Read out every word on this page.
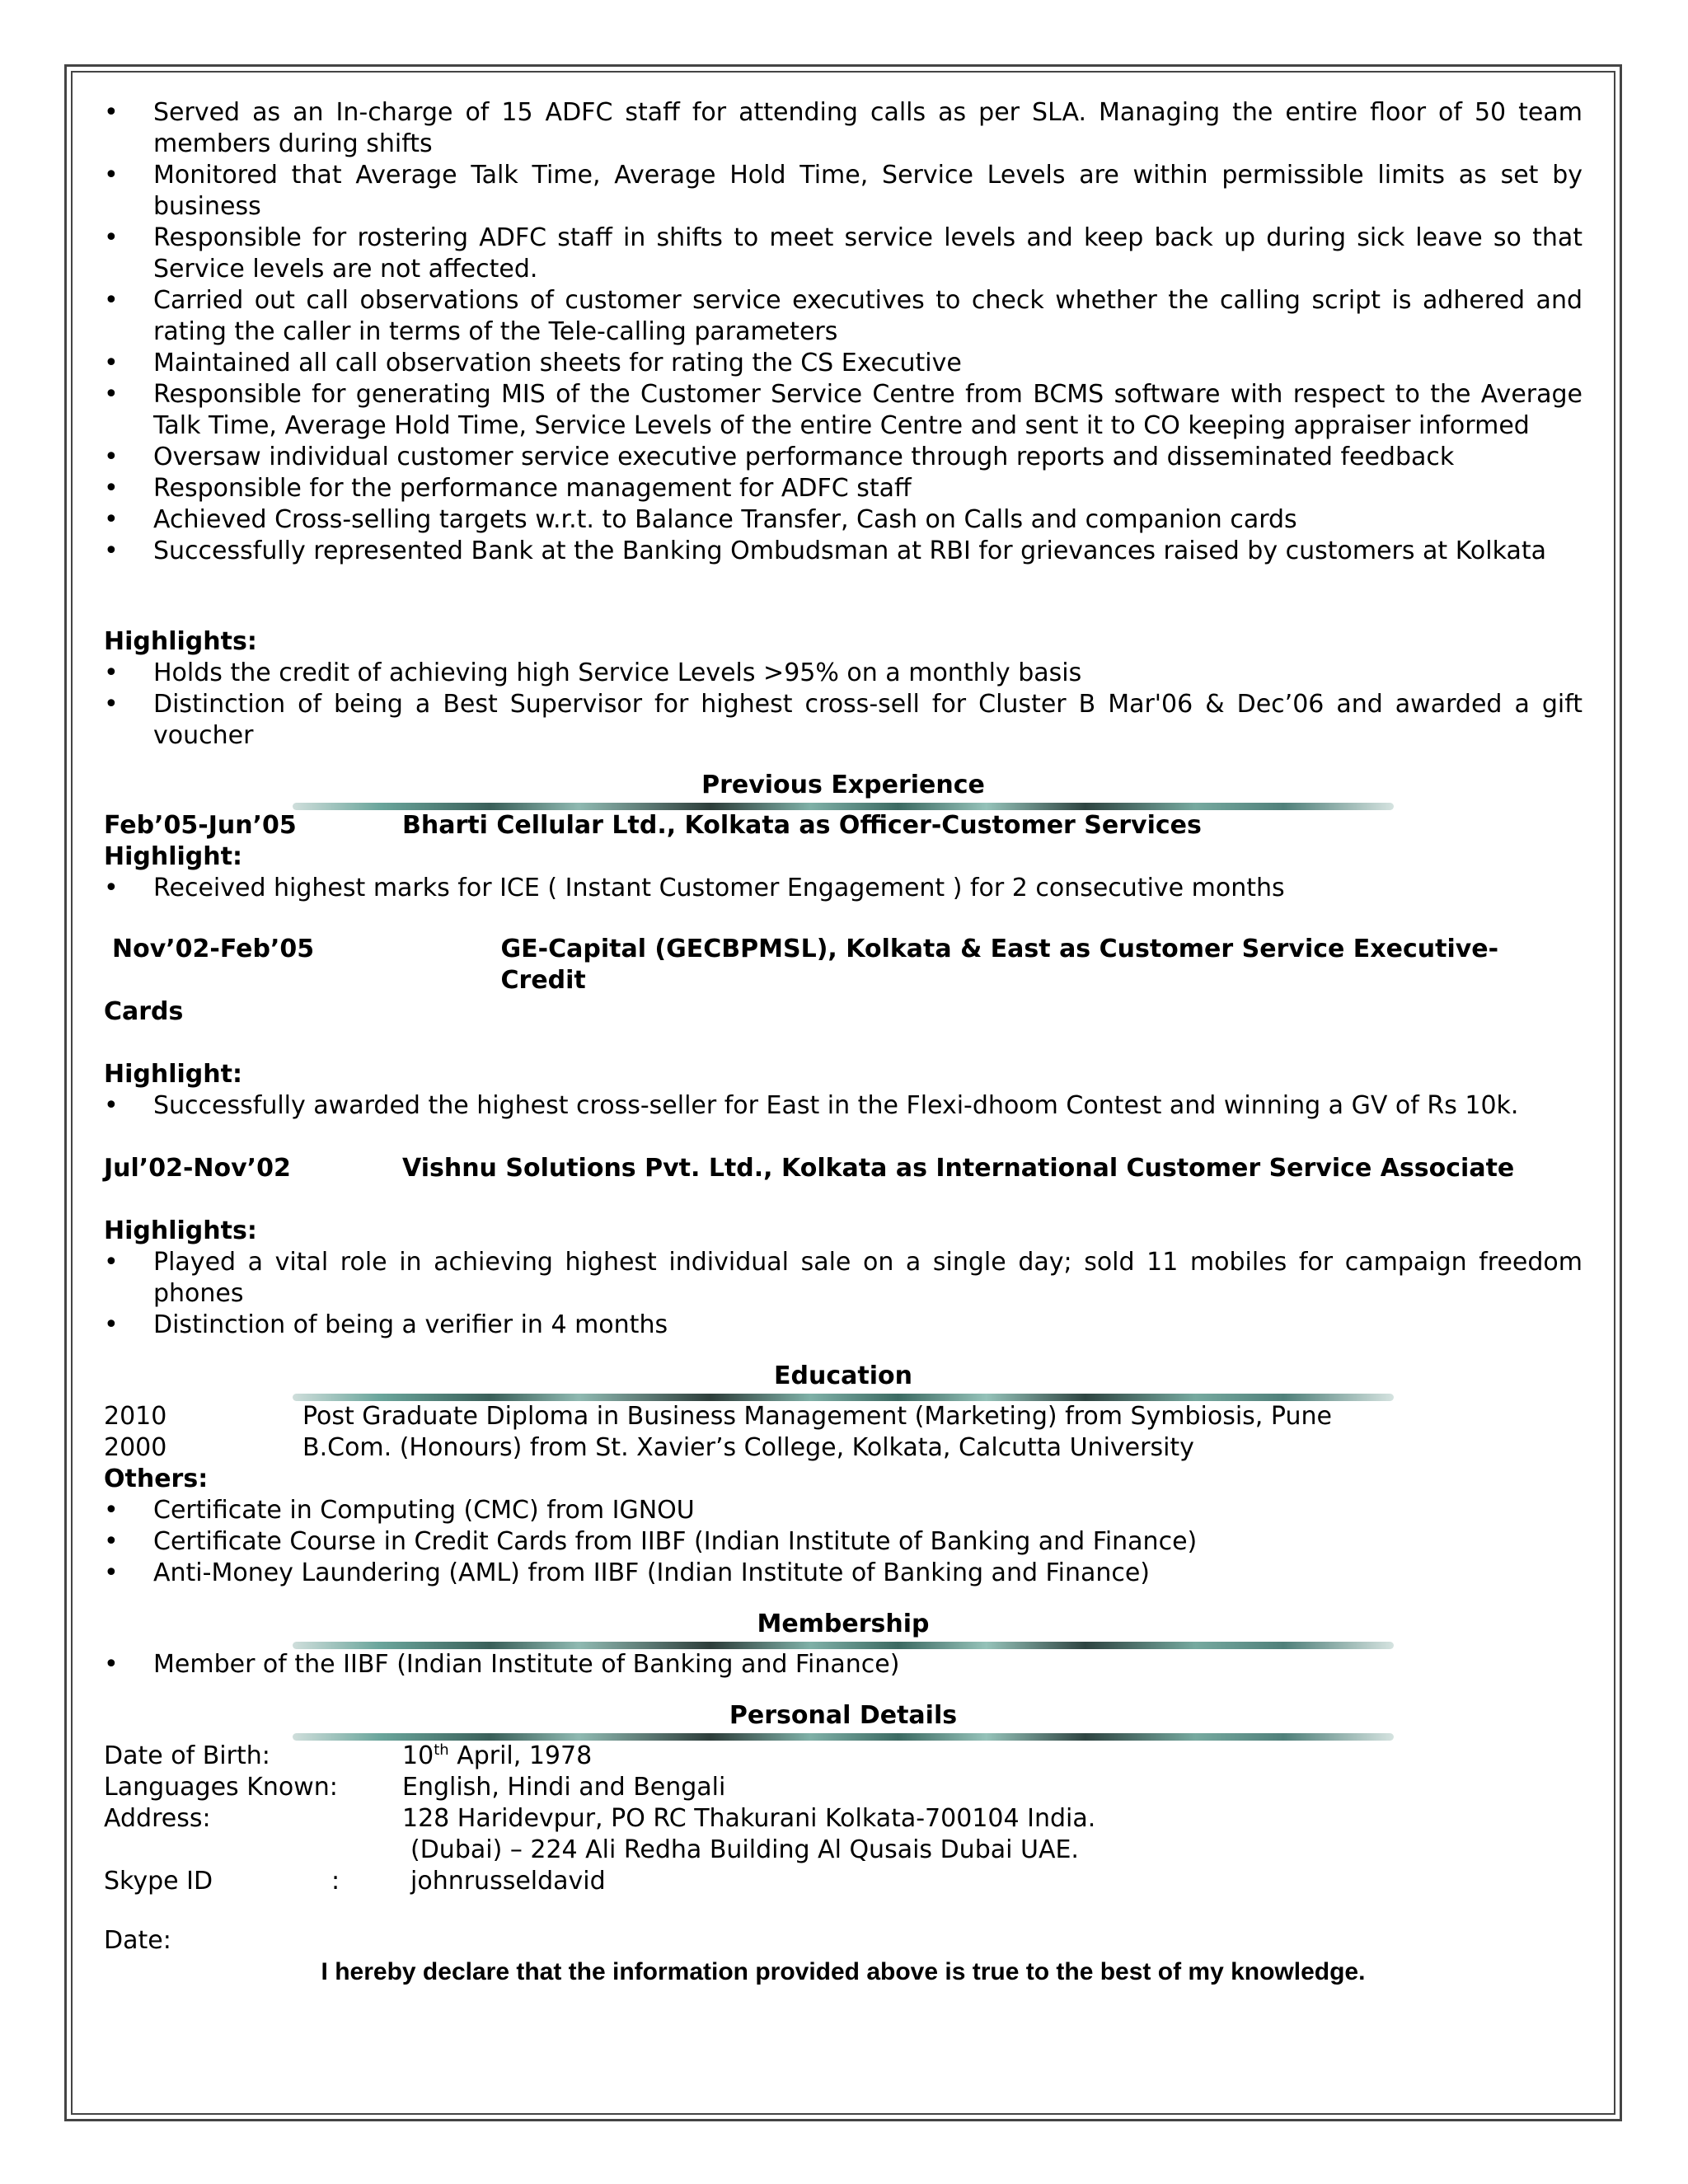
• Served as an In-charge of 15 ADFC staff for attending calls as per SLA. Managing the entire floor of 50 team members during shifts
• Monitored that Average Talk Time, Average Hold Time, Service Levels are within permissible limits as set by business
• Responsible for rostering ADFC staff in shifts to meet service levels and keep back up during sick leave so that Service levels are not affected.
• Carried out call observations of customer service executives to check whether the calling script is adhered and rating the caller in terms of the Tele-calling parameters
• Maintained all call observation sheets for rating the CS Executive
• Responsible for generating MIS of the Customer Service Centre from BCMS software with respect to the Average Talk Time, Average Hold Time, Service Levels of the entire Centre and sent it to CO keeping appraiser informed
• Oversaw individual customer service executive performance through reports and disseminated feedback
• Responsible for the performance management for ADFC staff
• Achieved Cross-selling targets w.r.t. to Balance Transfer, Cash on Calls and companion cards
• Successfully represented Bank at the Banking Ombudsman at RBI for grievances raised by customers at Kolkata
Highlights:
• Holds the credit of achieving high Service Levels >95% on a monthly basis
• Distinction of being a Best Supervisor for highest cross-sell for Cluster B Mar'06 & Dec’06 and awarded a gift voucher
Previous Experience
Feb’05-Jun’05	Bharti Cellular Ltd., Kolkata as Officer-Customer Services
Highlight:
• Received highest marks for ICE ( Instant Customer Engagement ) for 2 consecutive months
Nov’02-Feb’05	GE-Capital (GECBPMSL), Kolkata & East as Customer Service Executive-Credit
Cards
Highlight:
• Successfully awarded the highest cross-seller for East in the Flexi-dhoom Contest and winning a GV of Rs 10k.
Jul’02-Nov’02	Vishnu Solutions Pvt. Ltd., Kolkata as International Customer Service Associate
Highlights:
• Played a vital role in achieving highest individual sale on a single day; sold 11 mobiles for campaign freedom phones
• Distinction of being a verifier in 4 months
Education
2010	Post Graduate Diploma in Business Management (Marketing) from Symbiosis, Pune
2000	B.Com. (Honours) from St. Xavier’s College, Kolkata, Calcutta University
Others:
• Certificate in Computing (CMC) from IGNOU
• Certificate Course in Credit Cards from IIBF (Indian Institute of Banking and Finance)
• Anti-Money Laundering (AML) from IIBF (Indian Institute of Banking and Finance)
Membership
• Member of the IIBF (Indian Institute of Banking and Finance)
Personal Details
Date of Birth:	10th April, 1978
Languages Known:	English, Hindi and Bengali
Address:	128 Haridevpur, PO RC Thakurani Kolkata-700104 India.
(Dubai) – 224 Ali Redha Building Al Qusais Dubai UAE.
Skype ID	:	johnrusseldavid
Date:
I hereby declare that the information provided above is true to the best of my knowledge.
